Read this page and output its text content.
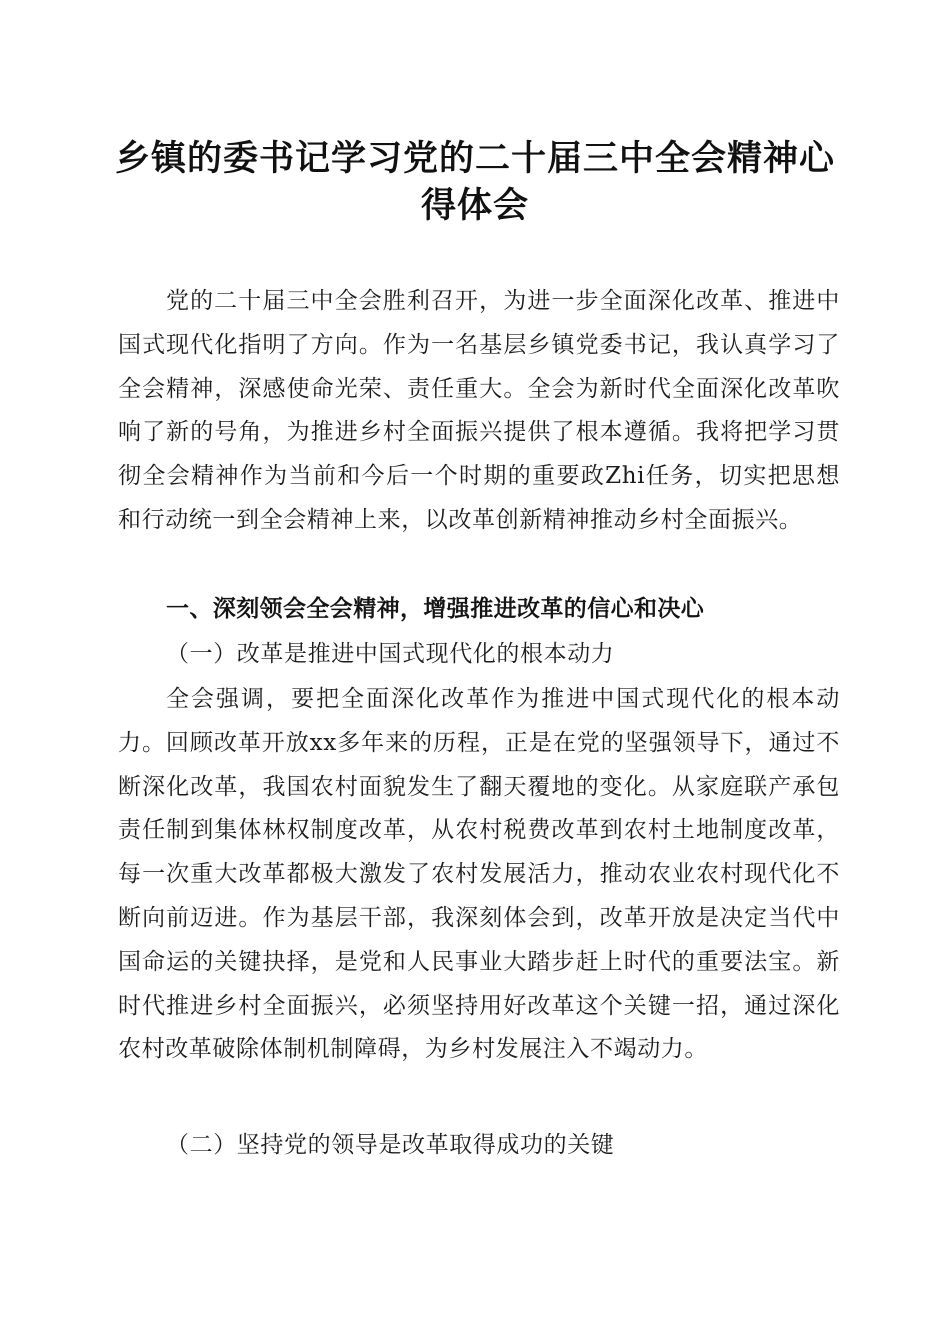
乡镇的委书记学习党的二十届三中全会精神心
得体会

党的二十届三中全会胜利召开，为进一步全面深化改革、推进中国式现代化指明了方向。作为一名基层乡镇党委书记，我认真学习了全会精神，深感使命光荣、责任重大。全会为新时代全面深化改革吹响了新的号角，为推进乡村全面振兴提供了根本遵循。我将把学习贯彻全会精神作为当前和今后一个时期的重要政Zhi任务，切实把思想和行动统一到全会精神上来，以改革创新精神推动乡村全面振兴。

一、深刻领会全会精神，增强推进改革的信心和决心

（一）改革是推进中国式现代化的根本动力

全会强调，要把全面深化改革作为推进中国式现代化的根本动力。回顾改革开放xx多年来的历程，正是在党的坚强领导下，通过不断深化改革，我国农村面貌发生了翻天覆地的变化。从家庭联产承包责任制到集体林权制度改革，从农村税费改革到农村土地制度改革，每一次重大改革都极大激发了农村发展活力，推动农业农村现代化不断向前迈进。作为基层干部，我深刻体会到，改革开放是决定当代中国命运的关键抉择，是党和人民事业大踏步赶上时代的重要法宝。新时代推进乡村全面振兴，必须坚持用好改革这个关键一招，通过深化农村改革破除体制机制障碍，为乡村发展注入不竭动力。

（二）坚持党的领导是改革取得成功的关键
